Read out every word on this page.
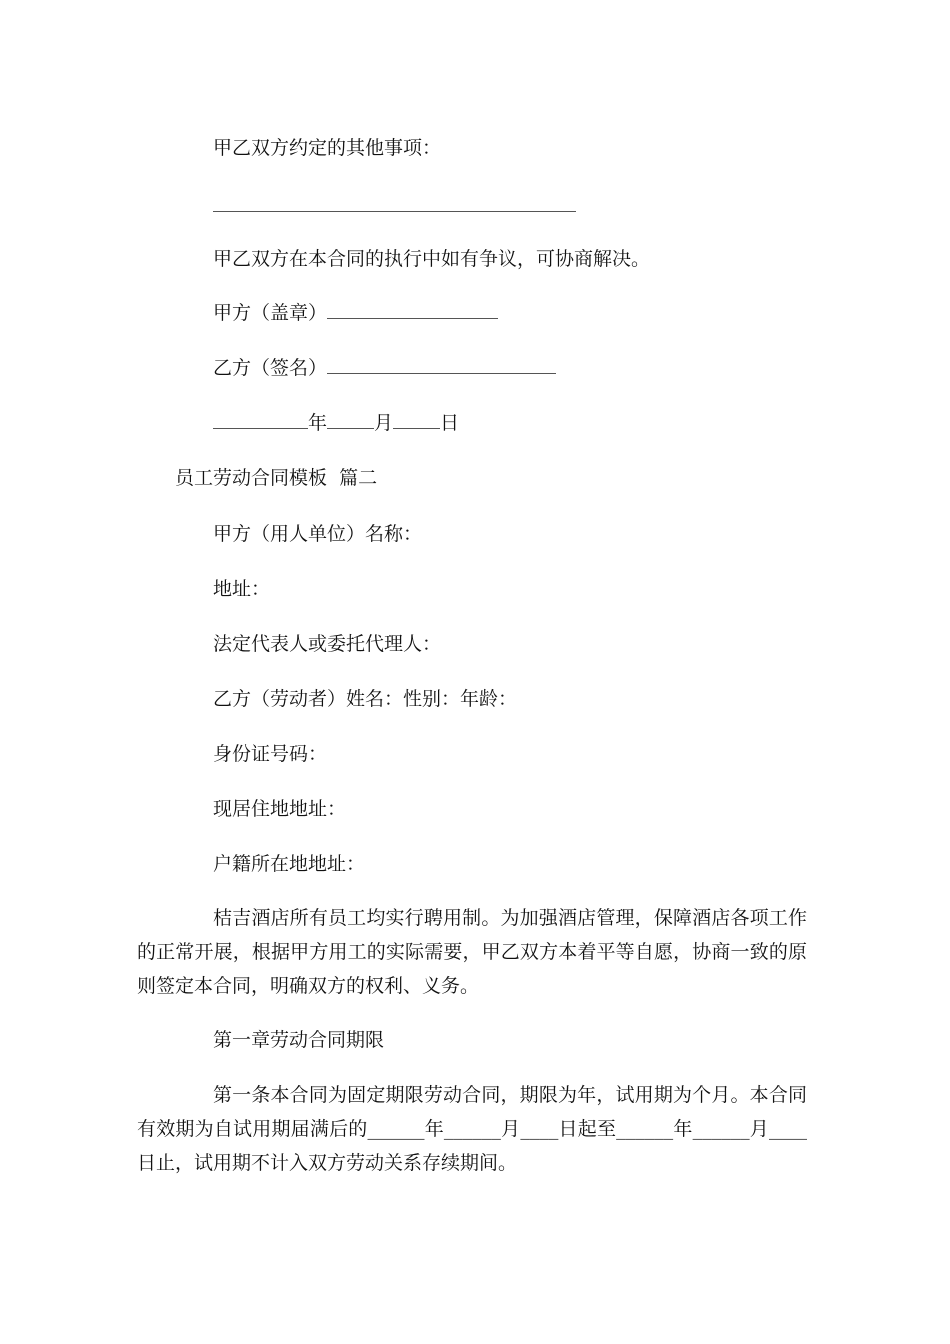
甲乙双方约定的其他事项：
甲乙双方在本合同的执行中如有争议，可协商解决。
甲方（盖章）
乙方（签名）
年 月 日
员工劳动合同模板  篇二
甲方（用人单位）名称：
地址：
法定代表人或委托代理人：
乙方（劳动者）姓名：性别：年龄：
身份证号码：
现居住地地址：
户籍所在地地址：
桔吉酒店所有员工均实行聘用制。为加强酒店管理，保障酒店各项工作的正常开展，根据甲方用工的实际需要，甲乙双方本着平等自愿，协商一致的原则签定本合同，明确双方的权利、义务。
第一章劳动合同期限
第一条本合同为固定期限劳动合同，期限为年，试用期为个月。本合同有效期为自试用期届满后的______年______月____日起至______年______月____日止，试用期不计入双方劳动关系存续期间。
